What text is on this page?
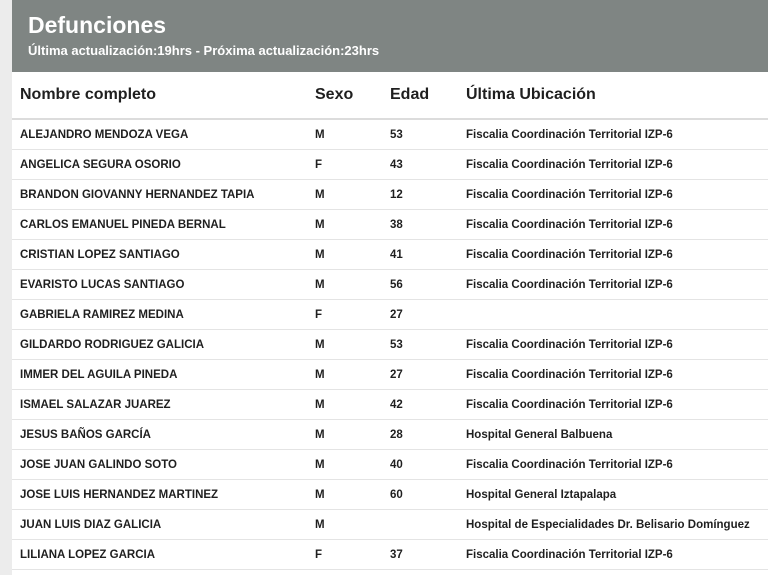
Defunciones
Última actualización:19hrs - Próxima actualización:23hrs
Nombre completo	Sexo	Edad	Última Ubicación
ALEJANDRO MENDOZA VEGA	M	53	Fiscalia Coordinación Territorial IZP-6
ANGELICA SEGURA OSORIO	F	43	Fiscalia Coordinación Territorial IZP-6
BRANDON GIOVANNY HERNANDEZ TAPIA	M	12	Fiscalia Coordinación Territorial IZP-6
CARLOS EMANUEL PINEDA BERNAL	M	38	Fiscalia Coordinación Territorial IZP-6
CRISTIAN LOPEZ SANTIAGO	M	41	Fiscalia Coordinación Territorial IZP-6
EVARISTO LUCAS SANTIAGO	M	56	Fiscalia Coordinación Territorial IZP-6
GABRIELA RAMIREZ MEDINA	F	27	
GILDARDO RODRIGUEZ GALICIA	M	53	Fiscalia Coordinación Territorial IZP-6
IMMER DEL AGUILA PINEDA	M	27	Fiscalia Coordinación Territorial IZP-6
ISMAEL SALAZAR JUAREZ	M	42	Fiscalia Coordinación Territorial IZP-6
JESUS BAÑOS GARCÍA	M	28	Hospital General Balbuena
JOSE JUAN GALINDO SOTO	M	40	Fiscalia Coordinación Territorial IZP-6
JOSE LUIS HERNANDEZ MARTINEZ	M	60	Hospital General Iztapalapa
JUAN LUIS DIAZ GALICIA	M		Hospital de Especialidades Dr. Belisario Domínguez
LILIANA LOPEZ GARCIA	F	37	Fiscalia Coordinación Territorial IZP-6
